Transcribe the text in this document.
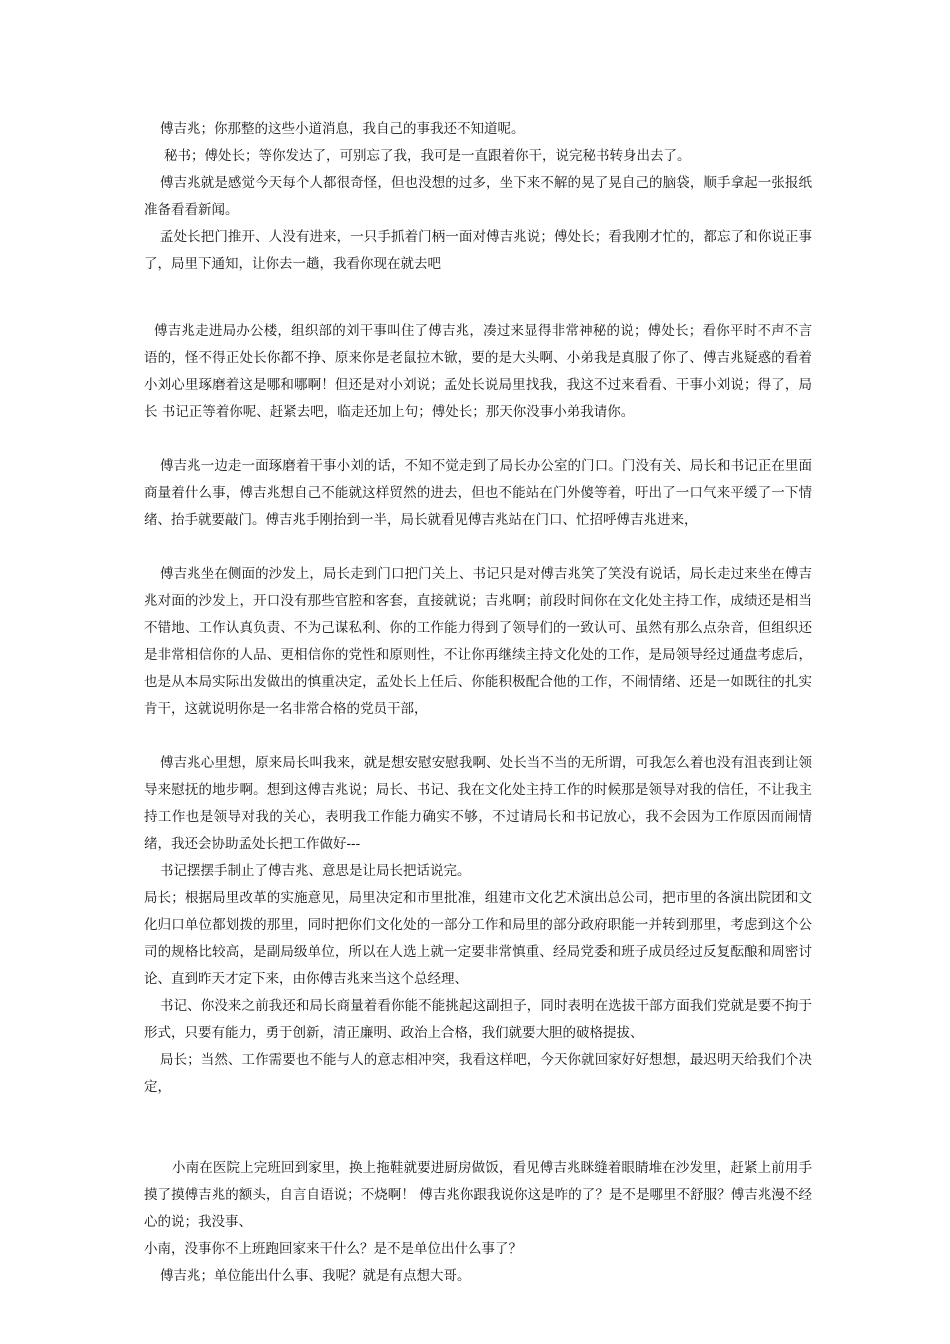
傅吉兆；你那整的这些小道消息，我自己的事我还不知道呢。

秘书；傅处长；等你发达了，可别忘了我，我可是一直跟着你干，说完秘书转身出去了。

傅吉兆就是感觉今天每个人都很奇怪，但也没想的过多，坐下来不解的晃了晃自己的脑袋，顺手拿起一张报纸准备看看新闻。

孟处长把门推开、人没有进来，一只手抓着门柄一面对傅吉兆说；傅处长；看我刚才忙的，都忘了和你说正事了，局里下通知，让你去一趟，我看你现在就去吧

傅吉兆走进局办公楼，组织部的刘干事叫住了傅吉兆，凑过来显得非常神秘的说；傅处长；看你平时不声不言语的，怪不得正处长你都不挣、原来你是老鼠拉木锨，要的是大头啊、小弟我是真服了你了、傅吉兆疑惑的看着小刘心里琢磨着这是哪和哪啊！但还是对小刘说；孟处长说局里找我，我这不过来看看、干事小刘说；得了，局长 书记正等着你呢、赶紧去吧，临走还加上句；傅处长；那天你没事小弟我请你。

傅吉兆一边走一面琢磨着干事小刘的话，不知不觉走到了局长办公室的门口。门没有关、局长和书记正在里面商量着什么事，傅吉兆想自己不能就这样贸然的进去，但也不能站在门外傻等着，吁出了一口气来平缓了一下情绪、抬手就要敲门。傅吉兆手刚抬到一半，局长就看见傅吉兆站在门口、忙招呼傅吉兆进来，

傅吉兆坐在侧面的沙发上，局长走到门口把门关上、书记只是对傅吉兆笑了笑没有说话，局长走过来坐在傅吉兆对面的沙发上，开口没有那些官腔和客套，直接就说；吉兆啊；前段时间你在文化处主持工作，成绩还是相当不错地、工作认真负责、不为己谋私利、你的工作能力得到了领导们的一致认可、虽然有那么点杂音，但组织还是非常相信你的人品、更相信你的党性和原则性，不让你再继续主持文化处的工作，是局领导经过通盘考虑后，也是从本局实际出发做出的慎重决定，孟处长上任后、你能积极配合他的工作，不闹情绪、还是一如既往的扎实肯干，这就说明你是一名非常合格的党员干部，

傅吉兆心里想，原来局长叫我来，就是想安慰安慰我啊、处长当不当的无所谓，可我怎么着也没有沮丧到让领导来慰抚的地步啊。想到这傅吉兆说；局长、书记、我在文化处主持工作的时候那是领导对我的信任，不让我主持工作也是领导对我的关心，表明我工作能力确实不够，不过请局长和书记放心，我不会因为工作原因而闹情绪，我还会协助孟处长把工作做好---

书记摆摆手制止了傅吉兆、意思是让局长把话说完。

局长；根据局里改革的实施意见，局里决定和市里批准，组建市文化艺术演出总公司，把市里的各演出院团和文化归口单位都划拨的那里，同时把你们文化处的一部分工作和局里的部分政府职能一并转到那里，考虑到这个公司的规格比较高，是副局级单位，所以在人选上就一定要非常慎重、经局党委和班子成员经过反复酝酿和周密讨论、直到昨天才定下来，由你傅吉兆来当这个总经理、

书记、你没来之前我还和局长商量着看你能不能挑起这副担子，同时表明在选拔干部方面我们党就是要不拘于形式，只要有能力，勇于创新，清正廉明、政治上合格，我们就要大胆的破格提拔、

局长；当然、工作需要也不能与人的意志相冲突，我看这样吧，今天你就回家好好想想，最迟明天给我们个决定，

小南在医院上完班回到家里，换上拖鞋就要进厨房做饭，看见傅吉兆眯缝着眼睛堆在沙发里，赶紧上前用手摸了摸傅吉兆的额头，自言自语说；不烧啊！ 傅吉兆你跟我说你这是咋的了？是不是哪里不舒服？傅吉兆漫不经心的说；我没事、

小南，没事你不上班跑回家来干什么？是不是单位出什么事了？

傅吉兆；单位能出什么事、我呢？就是有点想大哥。
